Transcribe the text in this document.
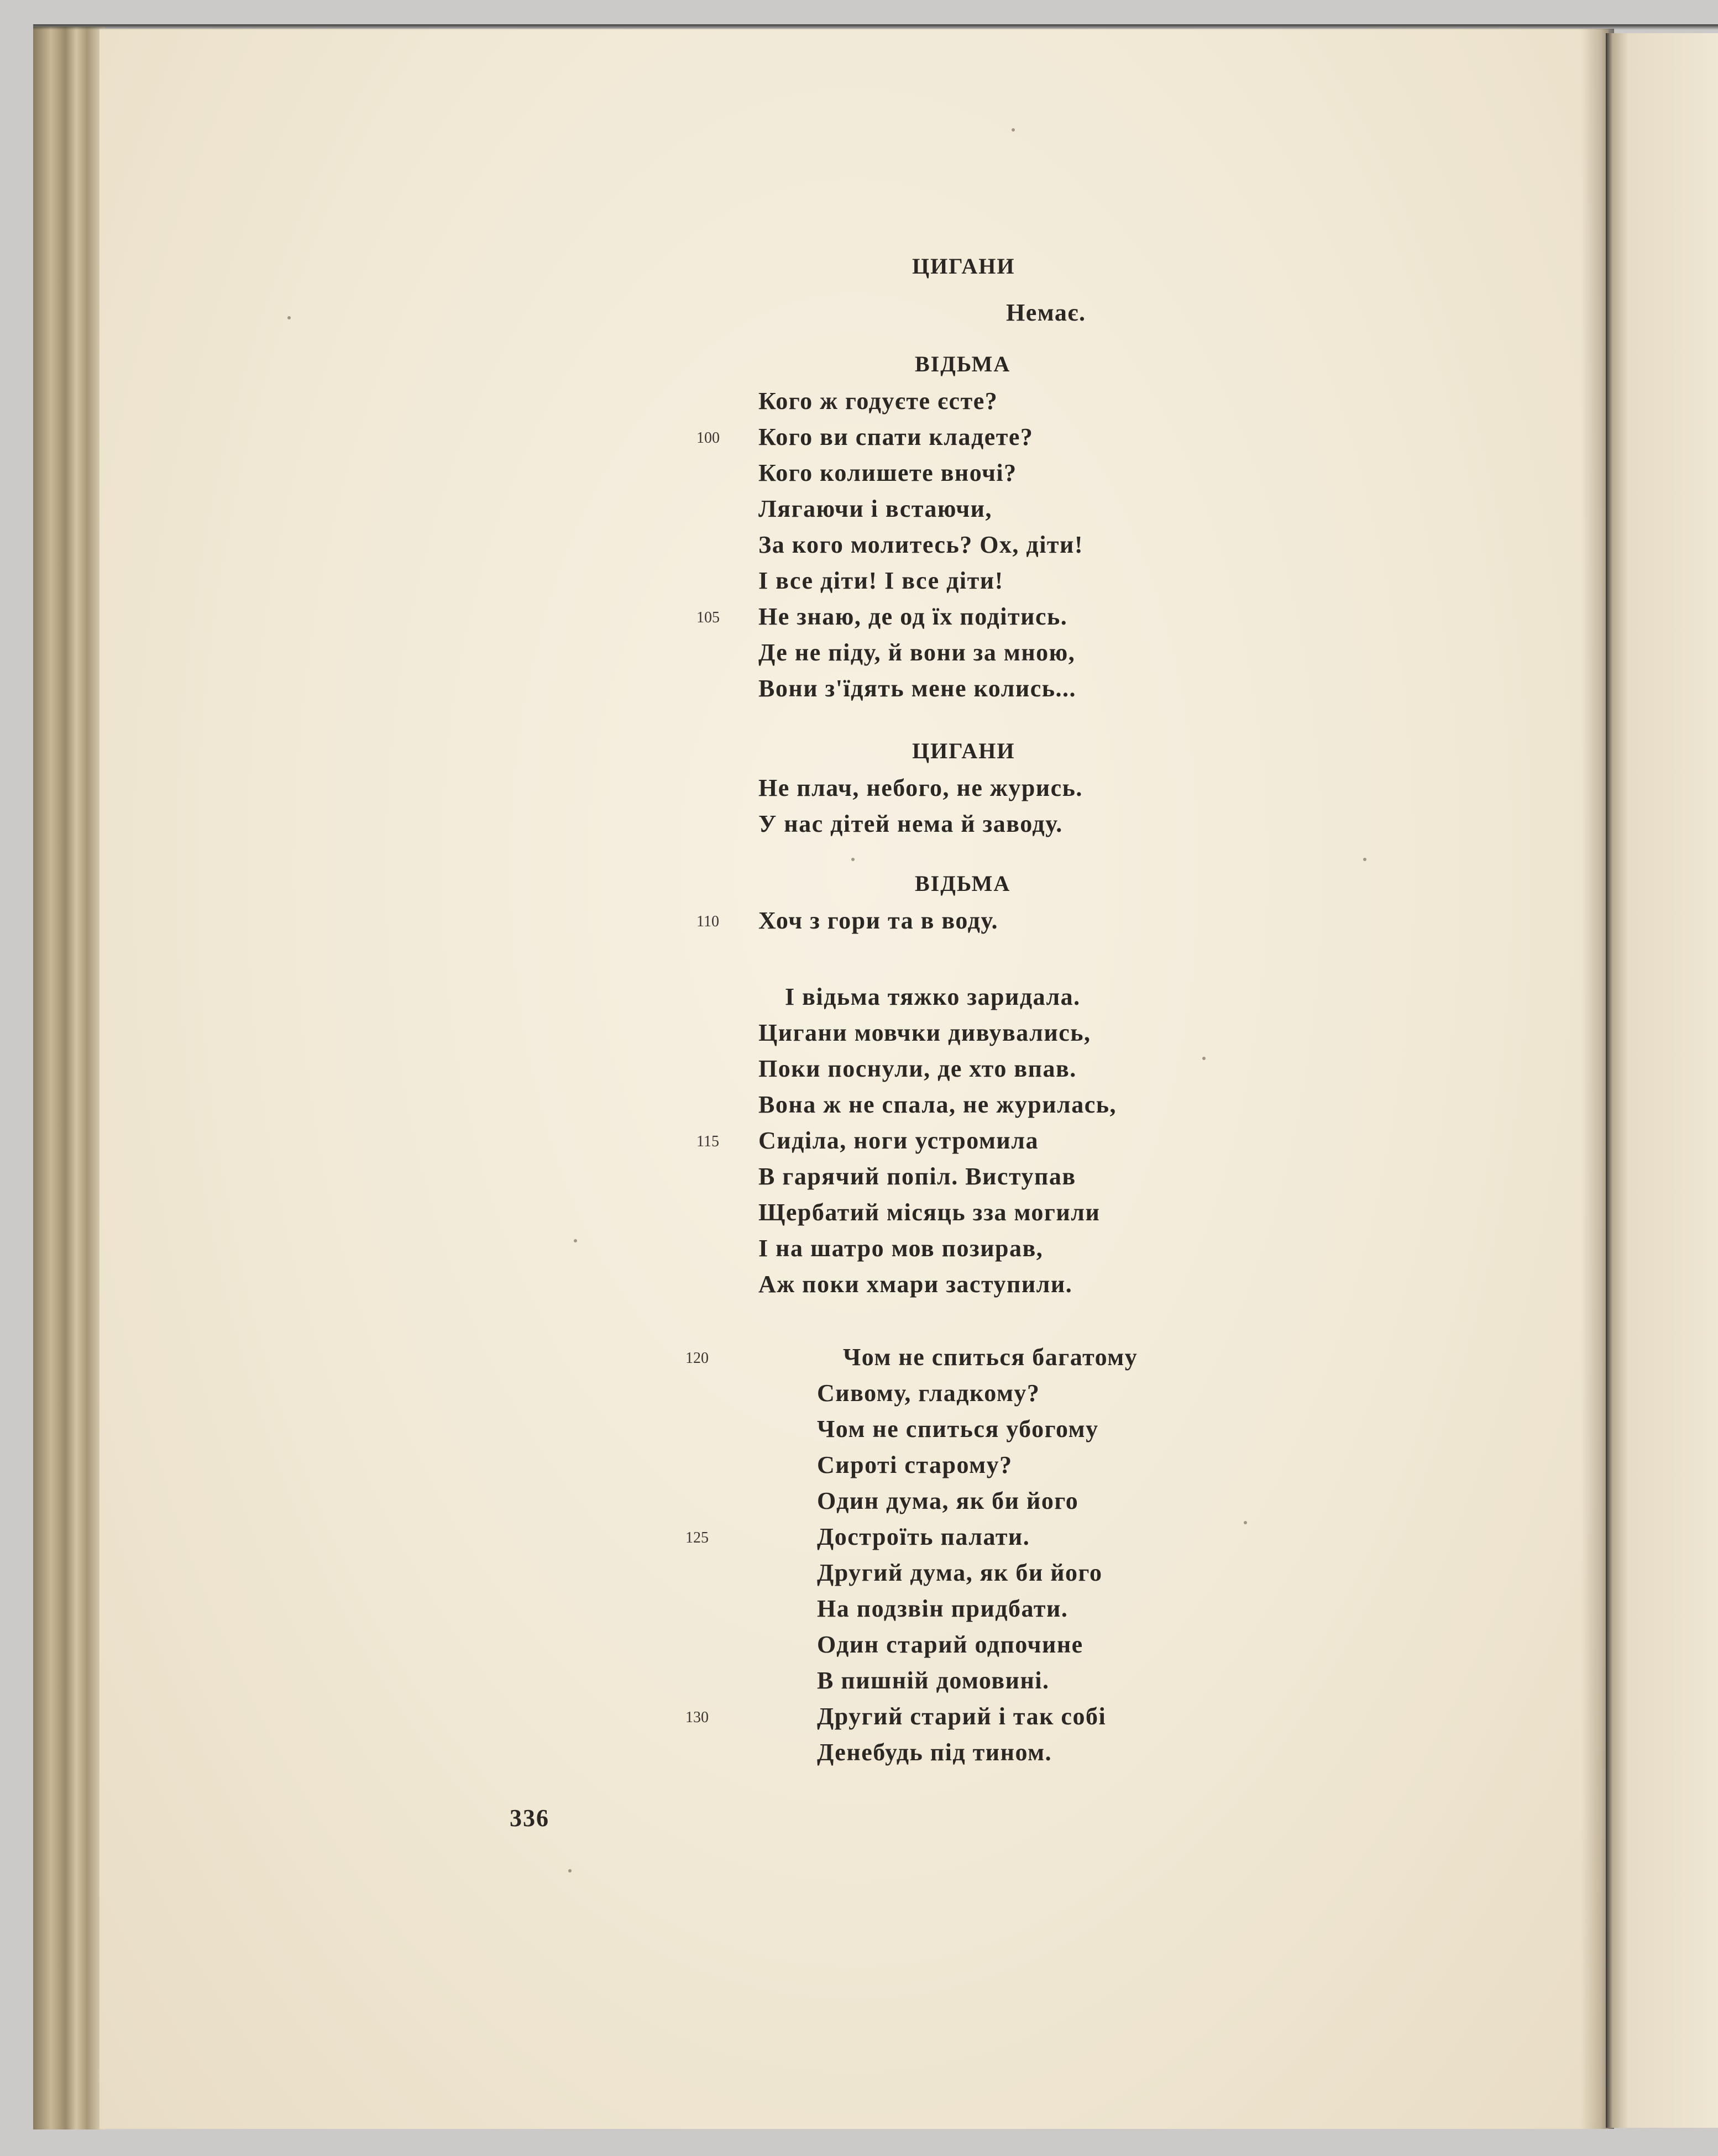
336
ЦИГАНИ
Немає.
ВІДЬМА
Кого ж годуєте єсте?
Кого ви спати кладете?
100
Кого колишете вночі?
Лягаючи і встаючи,
За кого молитесь? Ох, діти!
І все діти! І все діти!
Не знаю, де од їх подітись.
105
Де не піду, й вони за мною,
Вони з'їдять мене колись...
ЦИГАНИ
Не плач, небого, не журись.
У нас дітей нема й заводу.
ВІДЬМА
Хоч з гори та в воду.
110
І відьма тяжко заридала.
Цигани мовчки дивувались,
Поки поснули, де хто впав.
Вона ж не спала, не журилась,
Сиділа, ноги устромила
115
В гарячий попіл. Виступав
Щербатий місяць зза могили
І на шатро мов позирав,
Аж поки хмари заступили.
Чом не спиться багатому
120
Сивому, гладкому?
Чом не спиться убогому
Сироті старому?
Один дума, як би його
Достроїть палати.
125
Другий дума, як би його
На подзвін придбати.
Один старий одпочине
В пишній домовині.
Другий старий і так собі
130
Денебудь під тином.
